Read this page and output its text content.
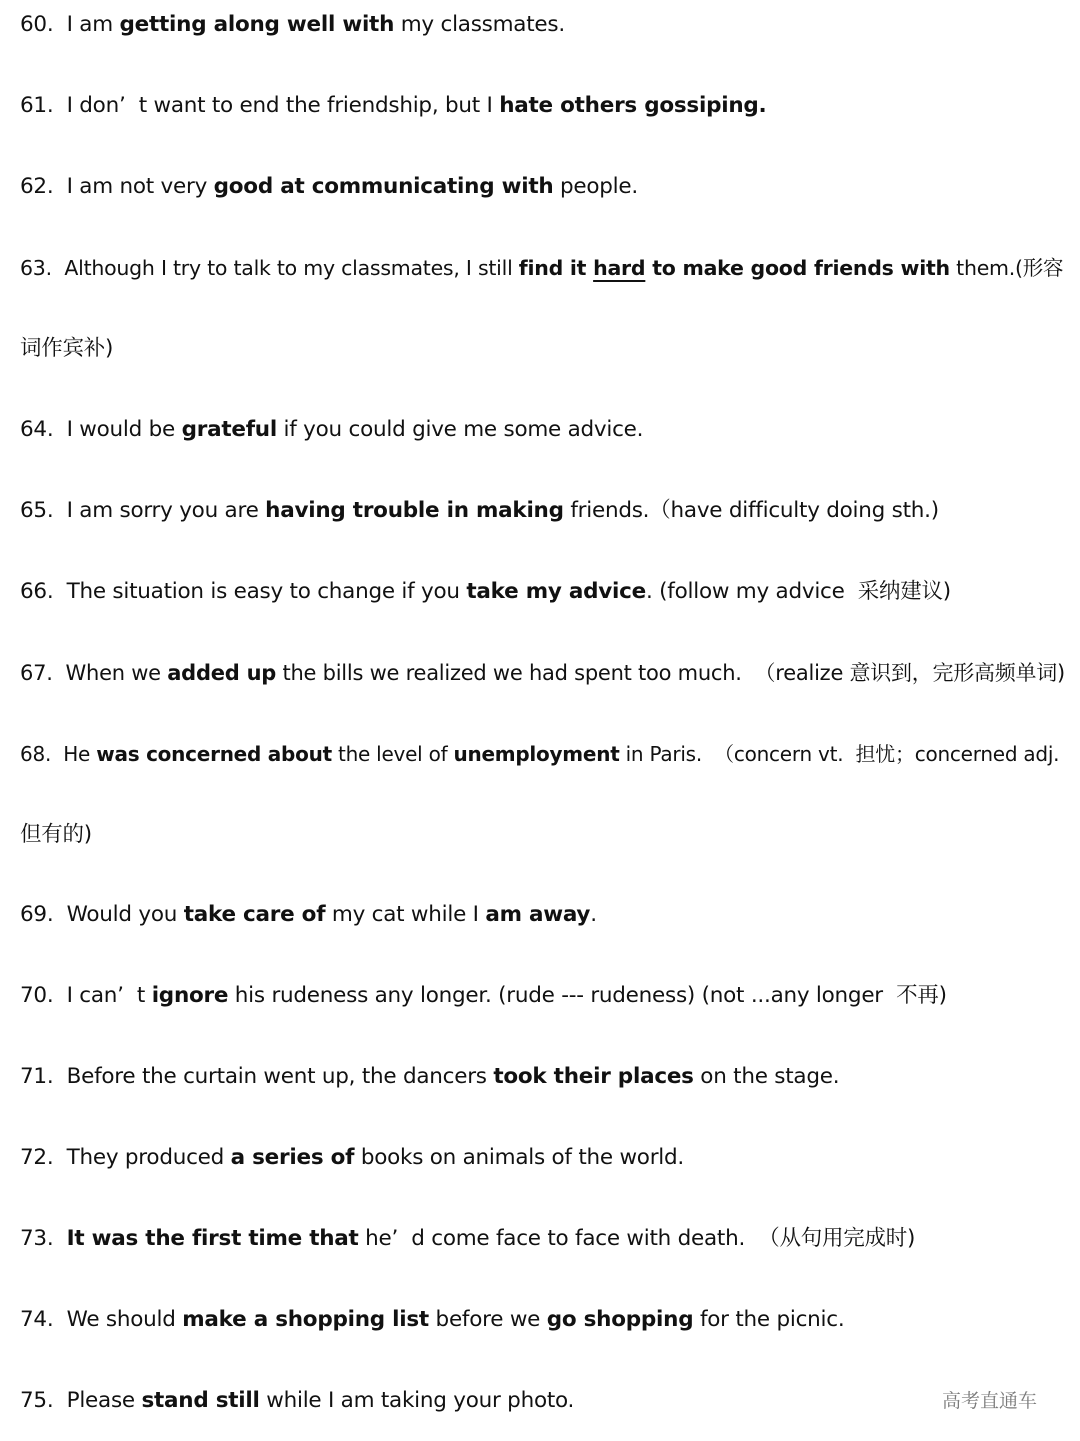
60.  I am getting along well with my classmates.
61.  I don’  t want to end the friendship, but I hate others gossiping.
62.  I am not very good at communicating with people.
63.  Although I try to talk to my classmates, I still find it hard to make good friends with them.(形容
词作宾补)
64.  I would be grateful if you could give me some advice.
65.  I am sorry you are having trouble in making friends.（have difficulty doing sth.)
66.  The situation is easy to change if you take my advice. (follow my advice  采纳建议)
67.  When we added up the bills we realized we had spent too much.  （realize 意识到，完形高频单词)
68.  He was concerned about the level of unemployment in Paris.  （concern vt.  担忧；concerned adj.
但有的)
69.  Would you take care of my cat while I am away.
70.  I can’  t ignore his rudeness any longer. (rude --- rudeness) (not ...any longer  不再)
71.  Before the curtain went up, the dancers took their places on the stage.
72.  They produced a series of books on animals of the world.
73.  It was the first time that he’  d come face to face with death.  （从句用完成时)
74.  We should make a shopping list before we go shopping for the picnic.
75.  Please stand still while I am taking your photo.	高考直通车
